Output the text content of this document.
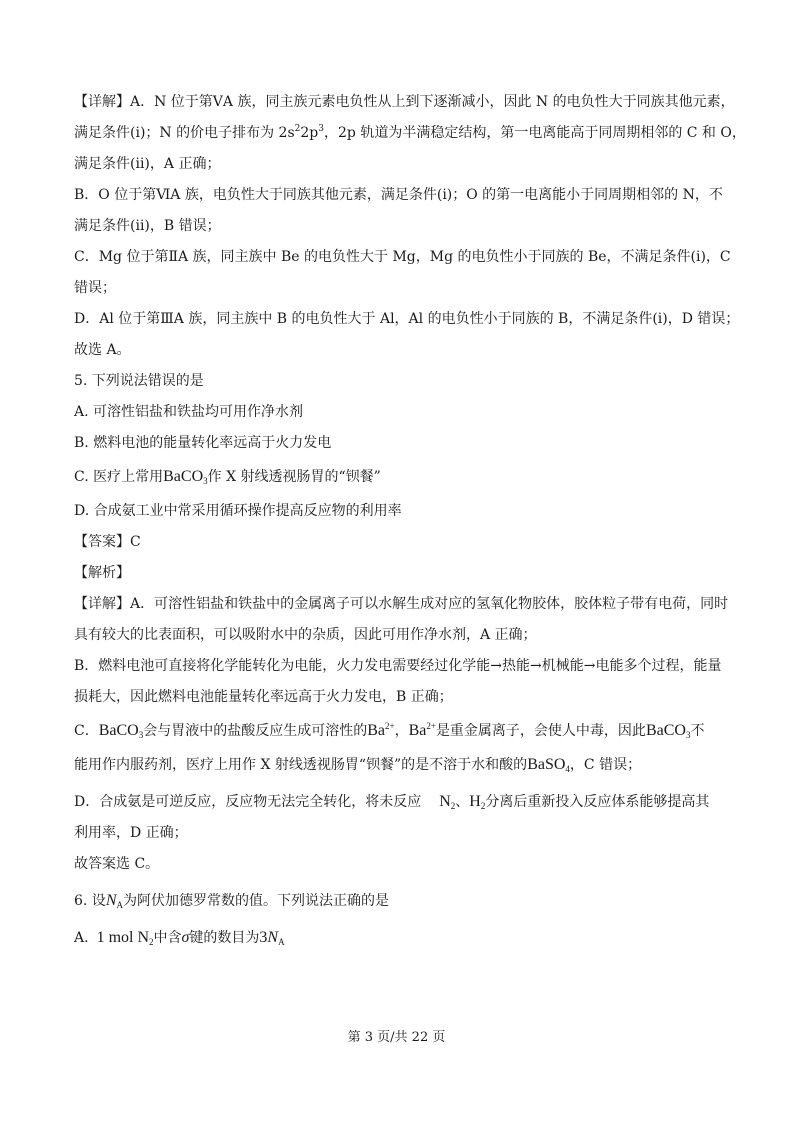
【详解】A．N 位于第ⅤA 族，同主族元素电负性从上到下逐渐减小，因此 N 的电负性大于同族其他元素，

满足条件(ⅰ)；N 的价电子排布为 $2s^22p^3$，2p 轨道为半满稳定结构，第一电离能高于同周期相邻的 C 和 O，

满足条件(ⅱ)，A 正确；

B．O 位于第ⅥA 族，电负性大于同族其他元素，满足条件(ⅰ)；O 的第一电离能小于同周期相邻的 N，不

满足条件(ⅱ)，B 错误；

C．Mg 位于第ⅡA 族，同主族中 Be 的电负性大于 Mg，Mg 的电负性小于同族的 Be，不满足条件(ⅰ)，C

错误；

D．Al 位于第ⅢA 族，同主族中 B 的电负性大于 Al，Al 的电负性小于同族的 B，不满足条件(ⅰ)，D 错误；

故选 A。

5. 下列说法错误的是

A. 可溶性铝盐和铁盐均可用作净水剂

B. 燃料电池的能量转化率远高于火力发电

C. 医疗上常用BaCO$_3$作 X 射线透视肠胃的“钡餐”

D. 合成氨工业中常采用循环操作提高反应物的利用率

【答案】C

【解析】

【详解】A．可溶性铝盐和铁盐中的金属离子可以水解生成对应的氢氧化物胶体，胶体粒子带有电荷，同时

具有较大的比表面积，可以吸附水中的杂质，因此可用作净水剂，A 正确；

B．燃料电池可直接将化学能转化为电能，火力发电需要经过化学能→热能→机械能→电能多个过程，能量

损耗大，因此燃料电池能量转化率远高于火力发电，B 正确；

C．BaCO$_3$会与胃液中的盐酸反应生成可溶性的$Ba^{2+}$，$Ba^{2+}$是重金属离子，会使人中毒，因此BaCO$_3$不

能用作内服药剂，医疗上用作 X 射线透视肠胃“钡餐”的是不溶于水和酸的BaSO$_4$，C 错误；

D．合成氨是可逆反应，反应物无法完全转化，将未反应 $N_2$、$H_2$分离后重新投入反应体系能够提高其

利用率，D 正确；

故答案选 C。

6. 设$N_A$为阿伏加德罗常数的值。下列说法正确的是

A. 1 mol $N_2$中含σ键的数目为$3N_A$

第 3 页/共 22 页
